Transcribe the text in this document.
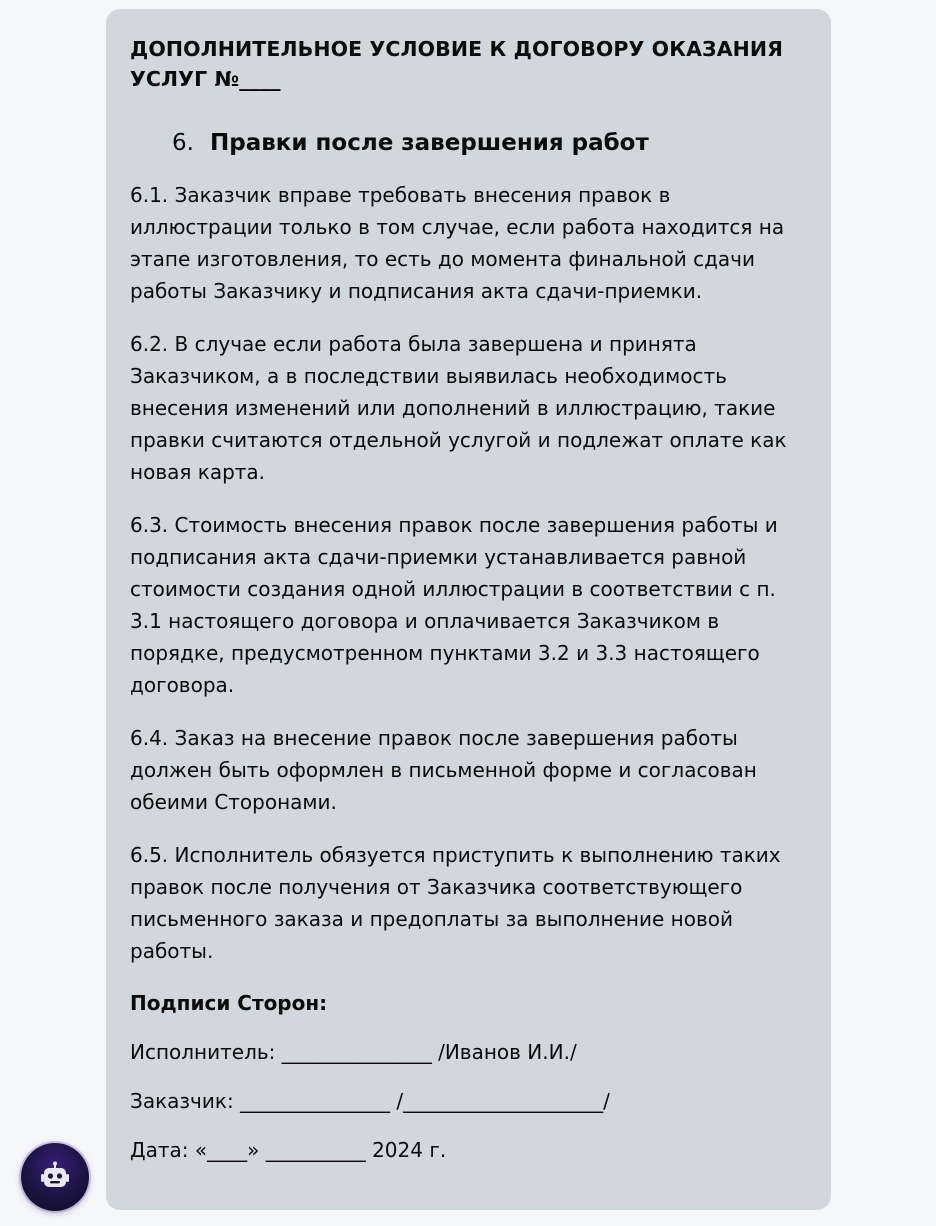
ДОПОЛНИТЕЛЬНОЕ УСЛОВИЕ К ДОГОВОРУ ОКАЗАНИЯ УСЛУГ №____

6. Правки после завершения работ

6.1. Заказчик вправе требовать внесения правок в иллюстрации только в том случае, если работа находится на этапе изготовления, то есть до момента финальной сдачи работы Заказчику и подписания акта сдачи-приемки.

6.2. В случае если работа была завершена и принята Заказчиком, а в последствии выявилась необходимость внесения изменений или дополнений в иллюстрацию, такие правки считаются отдельной услугой и подлежат оплате как новая карта.

6.3. Стоимость внесения правок после завершения работы и подписания акта сдачи-приемки устанавливается равной стоимости создания одной иллюстрации в соответствии с п. 3.1 настоящего договора и оплачивается Заказчиком в порядке, предусмотренном пунктами 3.2 и 3.3 настоящего договора.

6.4. Заказ на внесение правок после завершения работы должен быть оформлен в письменной форме и согласован обеими Сторонами.

6.5. Исполнитель обязуется приступить к выполнению таких правок после получения от Заказчика соответствующего письменного заказа и предоплаты за выполнение новой работы.

Подписи Сторон:

Исполнитель: _______________ /Иванов И.И./

Заказчик: _______________ /____________________/

Дата: «____» __________ 2024 г.
